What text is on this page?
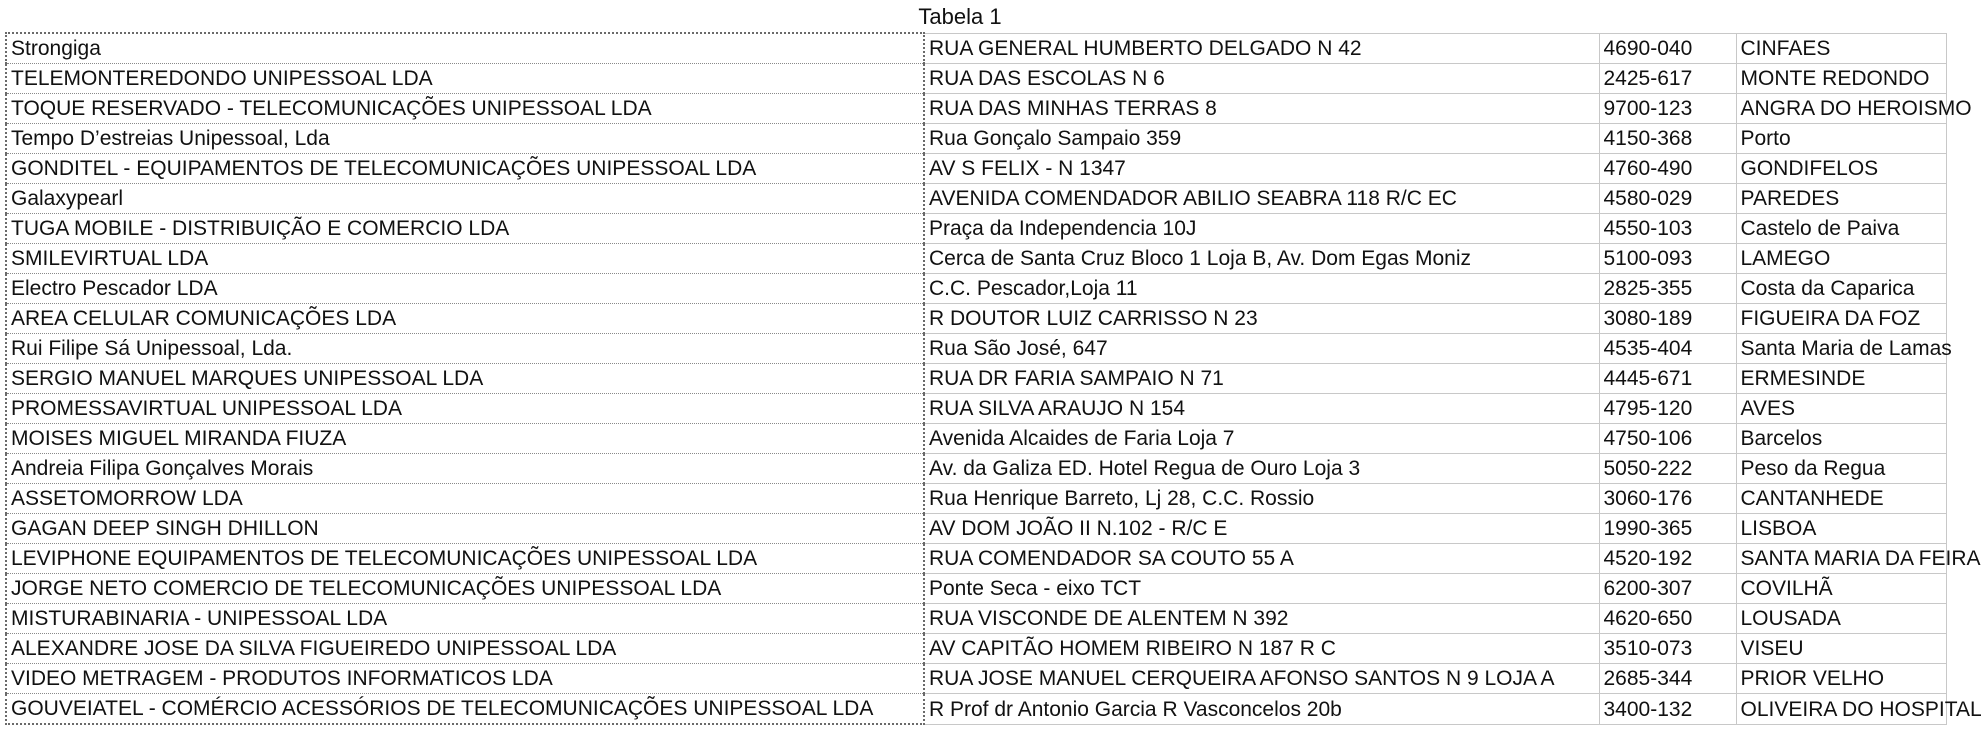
Tabela 1
Strongiga	RUA GENERAL HUMBERTO DELGADO N 42	4690-040	CINFAES
TELEMONTEREDONDO UNIPESSOAL LDA	RUA DAS ESCOLAS N 6	2425-617	MONTE REDONDO
TOQUE RESERVADO - TELECOMUNICAÇÕES UNIPESSOAL LDA	RUA DAS MINHAS TERRAS 8	9700-123	ANGRA DO HEROISMO
Tempo D’estreias Unipessoal, Lda	Rua Gonçalo Sampaio 359	4150-368	Porto
GONDITEL - EQUIPAMENTOS DE TELECOMUNICAÇÕES UNIPESSOAL LDA	AV S FELIX - N 1347	4760-490	GONDIFELOS
Galaxypearl	AVENIDA COMENDADOR ABILIO SEABRA 118 R/C EC	4580-029	PAREDES
TUGA MOBILE - DISTRIBUIÇÃO E COMERCIO LDA	Praça da Independencia 10J	4550-103	Castelo de Paiva
SMILEVIRTUAL LDA	Cerca de Santa Cruz Bloco 1 Loja B, Av. Dom Egas Moniz	5100-093	LAMEGO
Electro Pescador LDA	C.C. Pescador,Loja 11	2825-355	Costa da Caparica
AREA CELULAR COMUNICAÇÕES LDA	R DOUTOR LUIZ CARRISSO N 23	3080-189	FIGUEIRA DA FOZ
Rui Filipe Sá Unipessoal, Lda.	Rua São José, 647	4535-404	Santa Maria de Lamas
SERGIO MANUEL MARQUES UNIPESSOAL LDA	RUA DR FARIA SAMPAIO N 71	4445-671	ERMESINDE
PROMESSAVIRTUAL UNIPESSOAL LDA	RUA SILVA ARAUJO N 154	4795-120	AVES
MOISES MIGUEL MIRANDA FIUZA	Avenida Alcaides de Faria Loja 7	4750-106	Barcelos
Andreia Filipa Gonçalves Morais	Av. da Galiza ED. Hotel Regua de Ouro Loja 3	5050-222	Peso da Regua
ASSETOMORROW LDA	Rua Henrique Barreto, Lj 28, C.C. Rossio	3060-176	CANTANHEDE
GAGAN DEEP SINGH DHILLON	AV DOM JOÃO II N.102 - R/C E	1990-365	LISBOA
LEVIPHONE EQUIPAMENTOS DE TELECOMUNICAÇÕES UNIPESSOAL LDA	RUA COMENDADOR SA COUTO 55 A	4520-192	SANTA MARIA DA FEIRA
JORGE NETO COMERCIO DE TELECOMUNICAÇÕES UNIPESSOAL LDA	Ponte Seca - eixo TCT	6200-307	COVILHÃ
MISTURABINARIA - UNIPESSOAL LDA	RUA VISCONDE DE ALENTEM N 392	4620-650	LOUSADA
ALEXANDRE JOSE DA SILVA FIGUEIREDO UNIPESSOAL LDA	AV CAPITÃO HOMEM RIBEIRO N 187 R C	3510-073	VISEU
VIDEO METRAGEM - PRODUTOS INFORMATICOS LDA	RUA JOSE MANUEL CERQUEIRA AFONSO SANTOS N 9 LOJA A	2685-344	PRIOR VELHO
GOUVEIATEL - COMÉRCIO ACESSÓRIOS DE TELECOMUNICAÇÕES UNIPESSOAL LDA	R Prof dr Antonio Garcia R Vasconcelos 20b	3400-132	OLIVEIRA DO HOSPITAL
